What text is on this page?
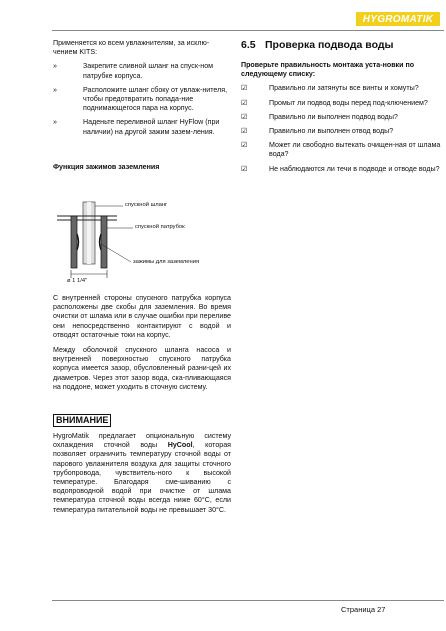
HYGROMATIK

Применяется ко всем увлажнителям, за исклю-чением KITS:

»	Закрепите сливной шланг на спуск-ном патрубке корпуса.
»	Расположите шланг сбоку от увлаж-нителя, чтобы предотвратить попада-ние поднимающегося пара на корпус.
»	Наденьте переливной шланг HyFlow (при наличии) на другой зажим зазем-ления.

Функция зажимов заземления

спускной шланг
спускной патрубок
зажимы для заземления
ø 1 1/4"

С внутренней стороны спускного патрубка корпуса расположены две скобы для заземления. Во время очистки от шлама или в случае ошибки при переливе они непосредственно контактируют с водой и отводят остаточные токи на корпус.

Между оболочкой спускного шланга насоса и внутренней поверхностью спускного патрубка корпуса имеется зазор, обусловленный разни-цей их диаметров. Через этот зазор вода, ска-пливающаяся на поддоне, может уходить в сточную систему.

ВНИМАНИЕ

HygroMatik предлагает опциональную систему охлаждения сточной воды HyCool, которая позволяет ограничить температуру сточной воды от парового увлажнителя воздуха для защиты сточного трубопровода, чувствитель-ного к высокой температуре. Благодаря сме-шиванию с водопроводной водой при очистке от шлама температура сточной воды всегда ниже 60°C, если температура питательной воды не превышает 30°C.

6.5 Проверка подвода воды

Проверьте правильность монтажа уста-новки по следующему списку:

☑	Правильно ли затянуты все винты и хомуты?
☑	Промыт ли подвод воды перед под-ключением?
☑	Правильно ли выполнен подвод воды?
☑	Правильно ли выполнен отвод воды?
☑	Может ли свободно вытекать очищен-ная от шлама вода?
☑	Не наблюдаются ли течи в подводе и отводе воды?
Страница 27
